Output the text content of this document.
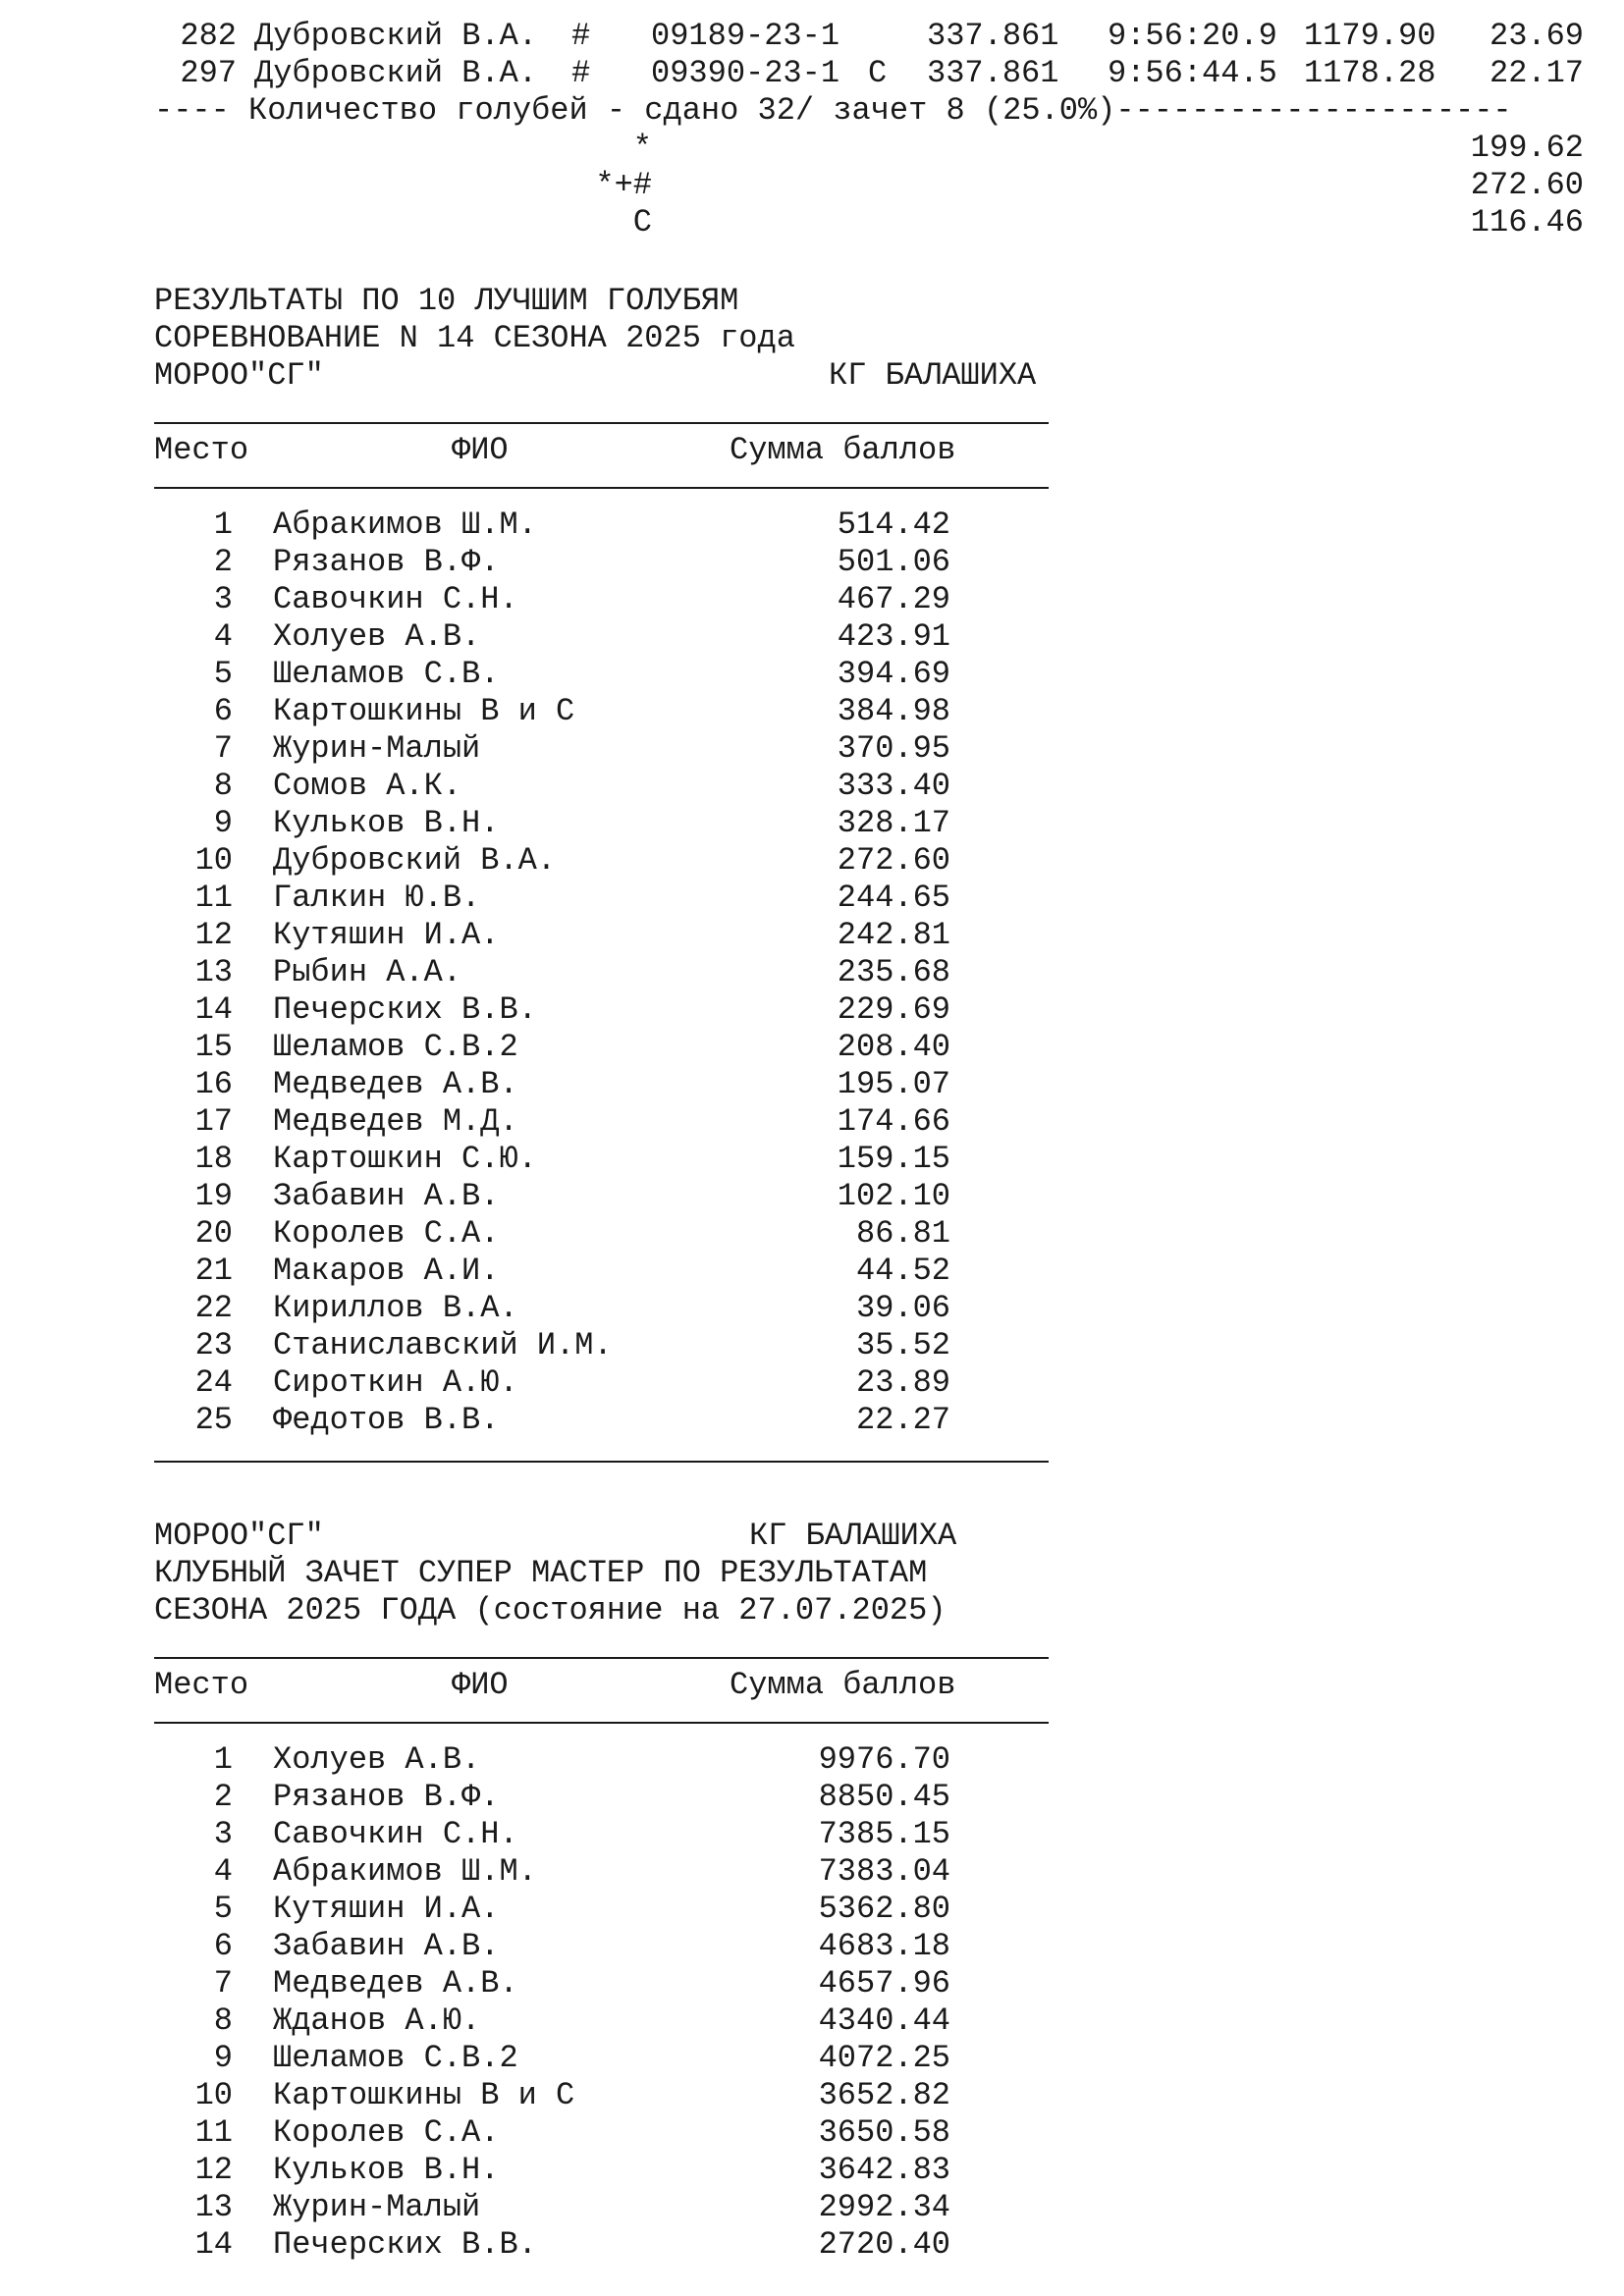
282 Дубровский В.А. # 09189-23-1	337.861 9:56:20.9 1179.90	23.69
297 Дубровский В.А. # 09390-23-1 C 337.861 9:56:44.5 1178.28	22.17
---- Количество голубей - сдано 32/ зачет 8 (25.0%)---------------------
*	199.62
*+#	272.60
C	116.46
РЕЗУЛЬТАТЫ ПО 10 ЛУЧШИМ ГОЛУБЯМ
СОРЕВНОВАНИЕ N 14 СЕЗОНА 2025 года
МОРОО"СГ"	КГ БАЛАШИХА
Место	ФИО	Сумма баллов
1 Абракимов Ш.М.	514.42
2 Рязанов В.Ф.	501.06
3 Савочкин С.Н.	467.29
4 Холуев А.В.	423.91
5 Шеламов С.В.	394.69
6 Картошкины В и С	384.98
7 Журин-Малый	370.95
8 Сомов А.К.	333.40
9 Кульков В.Н.	328.17
10 Дубровский В.А.	272.60
11 Галкин Ю.В.	244.65
12 Кутяшин И.А.	242.81
13 Рыбин А.А.	235.68
14 Печерских В.В.	229.69
15 Шеламов С.В.2	208.40
16 Медведев А.В.	195.07
17 Медведев М.Д.	174.66
18 Картошкин С.Ю.	159.15
19 Забавин А.В.	102.10
20 Королев С.А.	86.81
21 Макаров А.И.	44.52
22 Кириллов В.А.	39.06
23 Станиславский И.М.	35.52
24 Сироткин А.Ю.	23.89
25 Федотов В.В.	22.27
МОРОО"СГ"	КГ БАЛАШИХА
КЛУБНЫЙ ЗАЧЕТ СУПЕР МАСТЕР ПО РЕЗУЛЬТАТАМ
СЕЗОНА 2025 ГОДА (состояние на 27.07.2025)
Место	ФИО	Сумма баллов
1 Холуев А.В.	9976.70
2 Рязанов В.Ф.	8850.45
3 Савочкин С.Н.	7385.15
4 Абракимов Ш.М.	7383.04
5 Кутяшин И.А.	5362.80
6 Забавин А.В.	4683.18
7 Медведев А.В.	4657.96
8 Жданов А.Ю.	4340.44
9 Шеламов С.В.2	4072.25
10 Картошкины В и С	3652.82
11 Королев С.А.	3650.58
12 Кульков В.Н.	3642.83
13 Журин-Малый	2992.34
14 Печерских В.В.	2720.40
